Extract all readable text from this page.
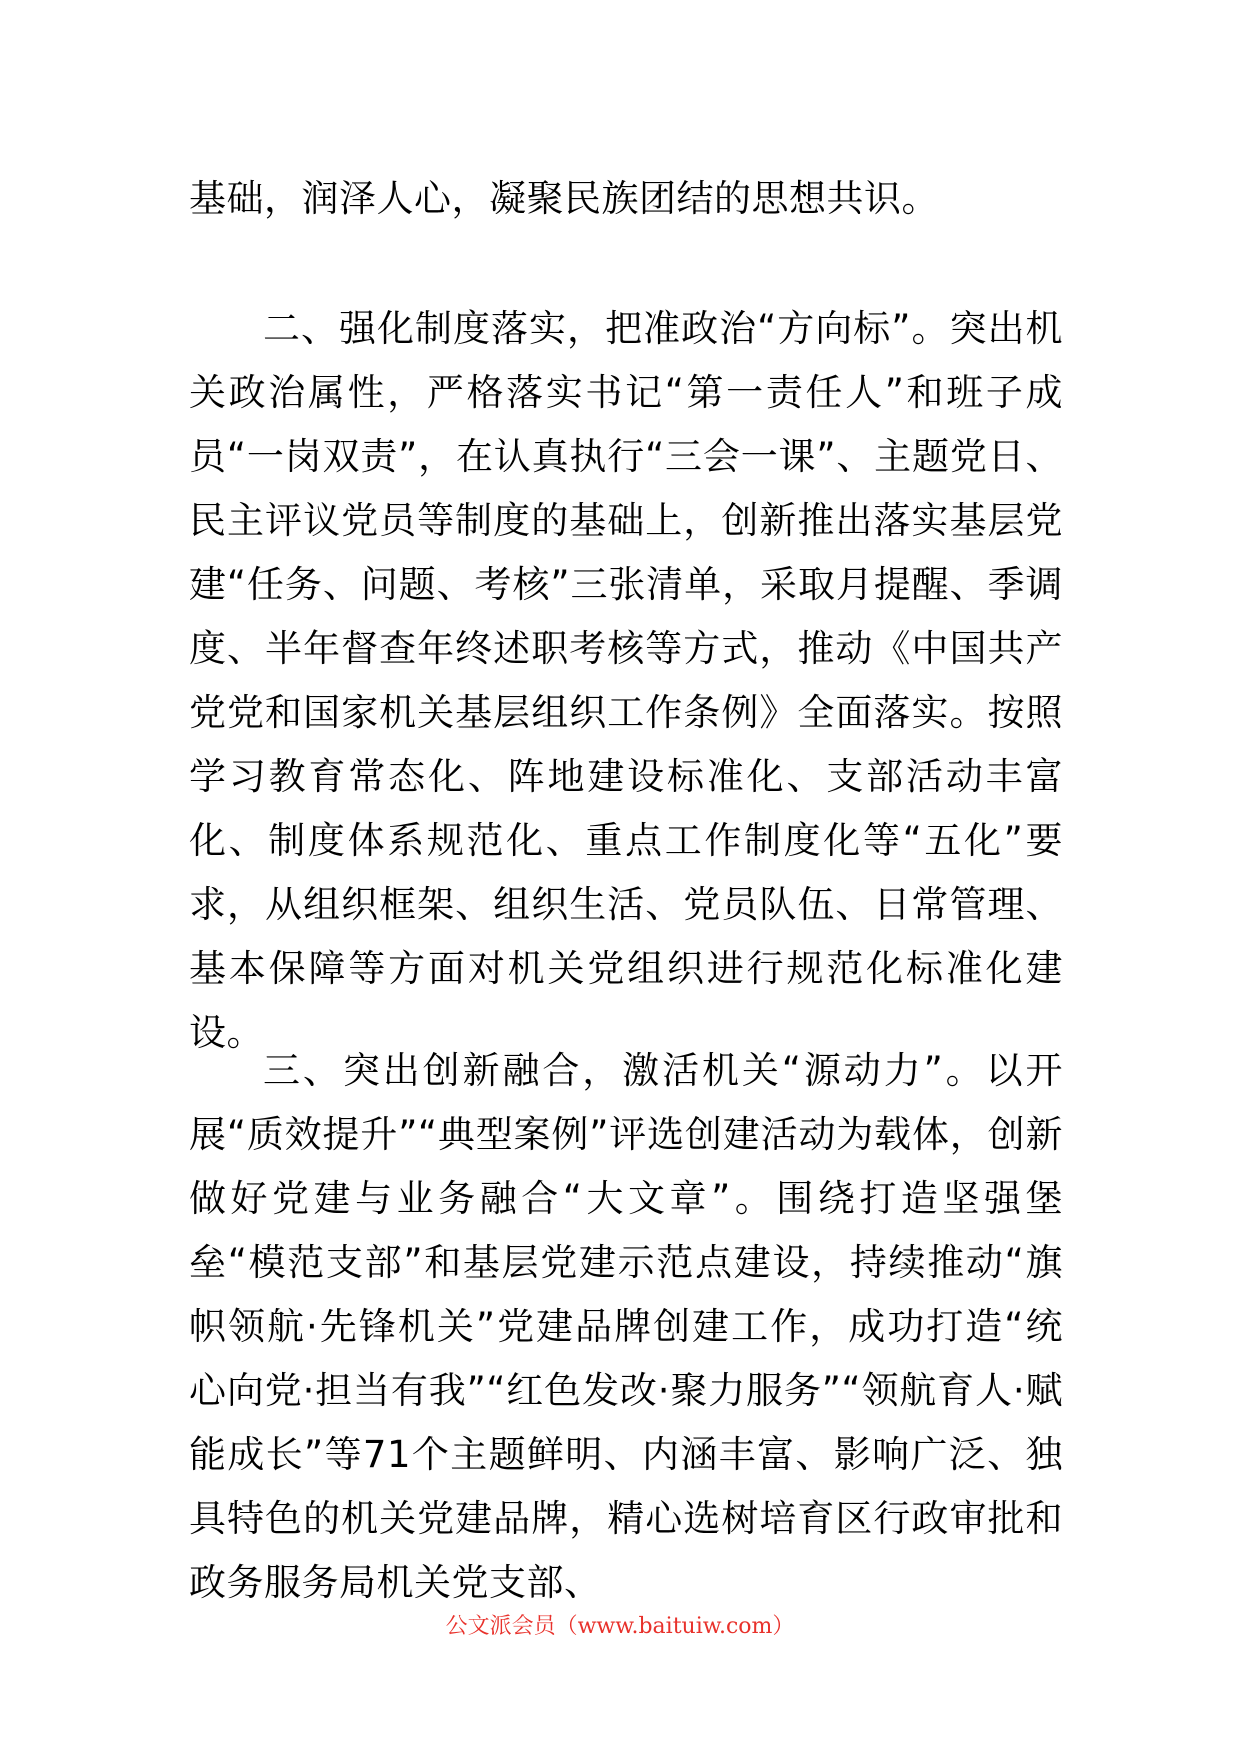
基础，润泽人心，凝聚民族团结的思想共识。

二、强化制度落实，把准政治“方向标”。突出机关政治属性，严格落实书记“第一责任人”和班子成员“一岗双责”，在认真执行“三会一课”、主题党日、民主评议党员等制度的基础上，创新推出落实基层党建“任务、问题、考核”三张清单，采取月提醒、季调度、半年督查年终述职考核等方式，推动《中国共产党党和国家机关基层组织工作条例》全面落实。按照学习教育常态化、阵地建设标准化、支部活动丰富化、制度体系规范化、重点工作制度化等“五化”要求，从组织框架、组织生活、党员队伍、日常管理、基本保障等方面对机关党组织进行规范化标准化建设。

三、突出创新融合，激活机关“源动力”。以开展“质效提升”“典型案例”评选创建活动为载体，创新做好党建与业务融合“大文章”。围绕打造坚强堡垒“模范支部”和基层党建示范点建设，持续推动“旗帜领航·先锋机关”党建品牌创建工作，成功打造“统心向党·担当有我”“红色发改·聚力服务”“领航育人·赋能成长”等71个主题鲜明、内涵丰富、影响广泛、独具特色的机关党建品牌，精心选树培育区行政审批和政务服务局机关党支部、

公文派会员（www.baituiw.com）
